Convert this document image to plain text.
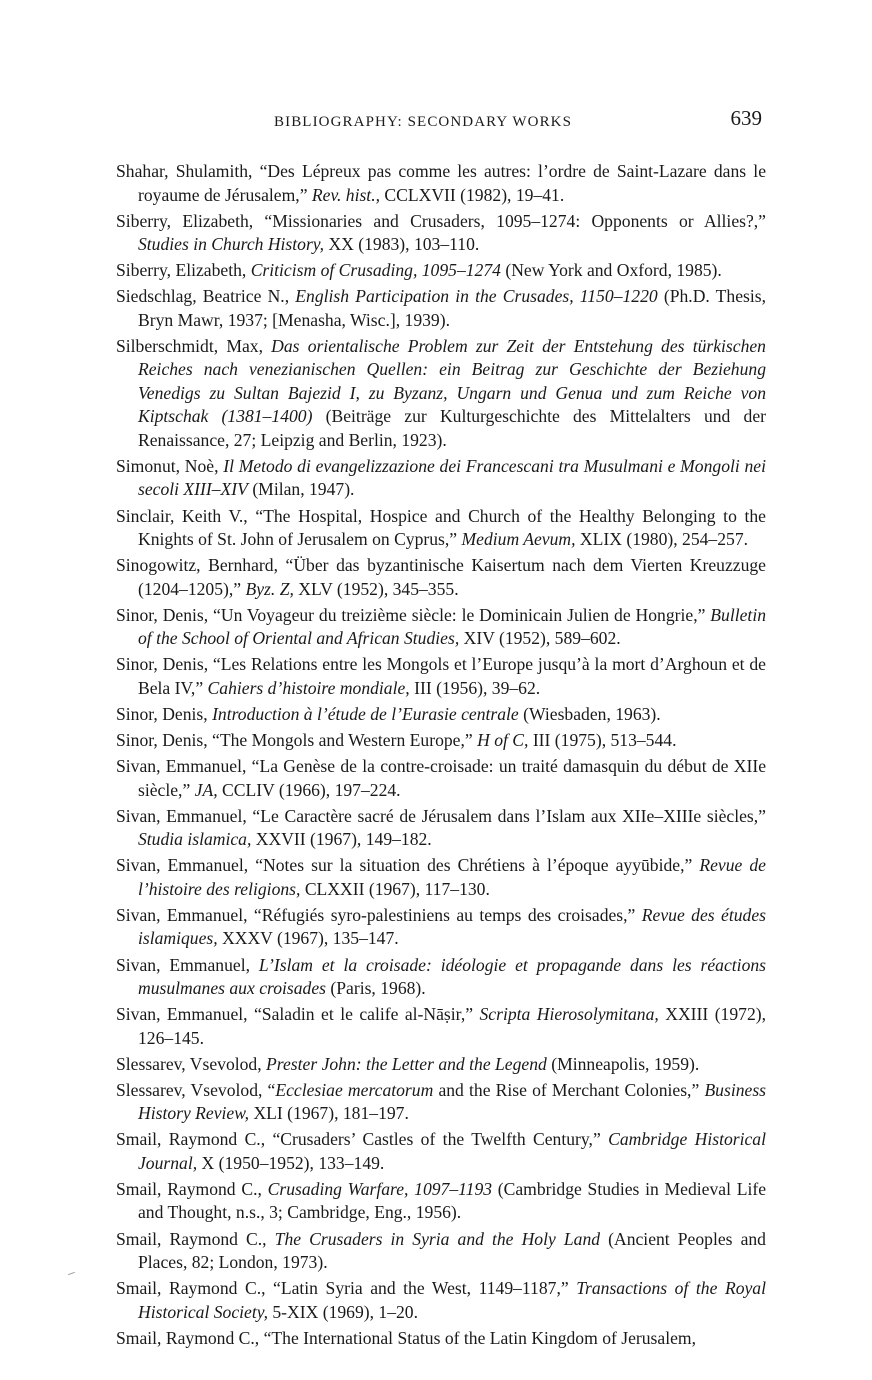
BIBLIOGRAPHY: SECONDARY WORKS	639

Shahar, Shulamith, “Des Lépreux pas comme les autres: l’ordre de Saint-Lazare dans le royaume de Jérusalem,” Rev. hist., CCLXVII (1982), 19–41.

Siberry, Elizabeth, “Missionaries and Crusaders, 1095–1274: Opponents or Allies?,” Studies in Church History, XX (1983), 103–110.

Siberry, Elizabeth, Criticism of Crusading, 1095–1274 (New York and Oxford, 1985).

Siedschlag, Beatrice N., English Participation in the Crusades, 1150–1220 (Ph.D. Thesis, Bryn Mawr, 1937; [Menasha, Wisc.], 1939).

Silberschmidt, Max, Das orientalische Problem zur Zeit der Entstehung des türkischen Reiches nach venezianischen Quellen: ein Beitrag zur Geschichte der Beziehung Venedigs zu Sultan Bajezid I, zu Byzanz, Ungarn und Genua und zum Reiche von Kiptschak (1381–1400) (Beiträge zur Kulturgeschichte des Mittelalters und der Renaissance, 27; Leipzig and Berlin, 1923).

Simonut, Noè, Il Metodo di evangelizzazione dei Francescani tra Musulmani e Mongoli nei secoli XIII–XIV (Milan, 1947).

Sinclair, Keith V., “The Hospital, Hospice and Church of the Healthy Belonging to the Knights of St. John of Jerusalem on Cyprus,” Medium Aevum, XLIX (1980), 254–257.

Sinogowitz, Bernhard, “Über das byzantinische Kaisertum nach dem Vierten Kreuzzuge (1204–1205),” Byz. Z, XLV (1952), 345–355.

Sinor, Denis, “Un Voyageur du treizième siècle: le Dominicain Julien de Hongrie,” Bulletin of the School of Oriental and African Studies, XIV (1952), 589–602.

Sinor, Denis, “Les Relations entre les Mongols et l’Europe jusqu’à la mort d’Arghoun et de Bela IV,” Cahiers d’histoire mondiale, III (1956), 39–62.

Sinor, Denis, Introduction à l’étude de l’Eurasie centrale (Wiesbaden, 1963).

Sinor, Denis, “The Mongols and Western Europe,” H of C, III (1975), 513–544.

Sivan, Emmanuel, “La Genèse de la contre-croisade: un traité damasquin du début de XIIe siècle,” JA, CCLIV (1966), 197–224.

Sivan, Emmanuel, “Le Caractère sacré de Jérusalem dans l’Islam aux XIIe–XIIIe siècles,” Studia islamica, XXVII (1967), 149–182.

Sivan, Emmanuel, “Notes sur la situation des Chrétiens à l’époque ayyūbide,” Revue de l’histoire des religions, CLXXII (1967), 117–130.

Sivan, Emmanuel, “Réfugiés syro-palestiniens au temps des croisades,” Revue des études islamiques, XXXV (1967), 135–147.

Sivan, Emmanuel, L’Islam et la croisade: idéologie et propagande dans les réactions musulmanes aux croisades (Paris, 1968).

Sivan, Emmanuel, “Saladin et le calife al-Nāṣir,” Scripta Hierosolymitana, XXIII (1972), 126–145.

Slessarev, Vsevolod, Prester John: the Letter and the Legend (Minneapolis, 1959).

Slessarev, Vsevolod, “Ecclesiae mercatorum and the Rise of Merchant Colonies,” Business History Review, XLI (1967), 181–197.

Smail, Raymond C., “Crusaders’ Castles of the Twelfth Century,” Cambridge Historical Journal, X (1950–1952), 133–149.

Smail, Raymond C., Crusading Warfare, 1097–1193 (Cambridge Studies in Medieval Life and Thought, n.s., 3; Cambridge, Eng., 1956).

Smail, Raymond C., The Crusaders in Syria and the Holy Land (Ancient Peoples and Places, 82; London, 1973).

Smail, Raymond C., “Latin Syria and the West, 1149–1187,” Transactions of the Royal Historical Society, 5-XIX (1969), 1–20.

Smail, Raymond C., “The International Status of the Latin Kingdom of Jerusalem,
